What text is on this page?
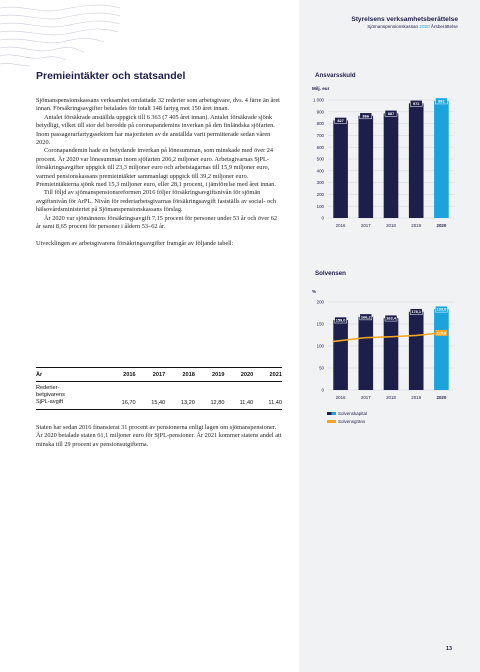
Styrelsens verksamhetsberättelse
Sjömanspensionskassan 2020 Årsberättelse
Premieintäkter och statsandel

Sjömanspensionskassans verksamhet omfattade 32 rederier som arbetsgivare, dvs. 4 färre än året innan. Försäkringsavgifter betalades för totalt 148 fartyg mot 150 året innan.

Antalet försäkrade anställda uppgick till 6 363 (7 405 året innan). Antalet försäkrade sjönk betydligt, vilket till stor del berodde på coronapandemins inverkan på den finländska sjöfarten. Inom passagerarfartygssektorn har majoriteten av de anställda varit permitterade sedan våren 2020.

Coronapandemin hade en betydande inverkan på lönesumman, som minskade med över 24 procent. År 2020 var lönesumman inom sjöfarten 206,2 miljoner euro. Arbetsgivarnas SjPL-försäkringsavgifter uppgick till 23,3 miljoner euro och arbetstagarnas till 15,9 miljoner euro, varmed pensionskassans premieintäkter sammanlagt uppgick till 39,2 miljoner euro. Premieintäkterna sjönk med 15,3 miljoner euro, eller 28,1 procent, i jämförelse med året innan.

Till följd av sjömanspensionsreformen 2016 följer försäkringsavgiftsnivån för sjömän avgiftsnivån för ArPL. Nivån för rederiarbetsgivarnas försäkringsavgift fastställs av social- och hälsovårdsministeriet på Sjömanspensionskassans förslag.

År 2020 var sjömännens försäkringsavgift 7,15 procent för personer under 53 år och över 62 år samt 8,65 procent för personer i åldern 53–62 år.

Utvecklingen av arbetsgivarens försäkringsavgifter framgår av följande tabell:

År	2016	2017	2018	2019	2020	2021

Rederier-
betgivarens
SjPL-avgift	16,70	15,40	13,20	12,80	11,40	11,40
Staten har sedan 2016 finansierat 31 procent av pensionerna enligt lagen om sjömanspensioner. År 2020 betalade staten 61,1 miljoner euro för SjPL-pensioner. År 2021 kommer statens andel att minska till 29 procent av pensionsutgifterna.
Ansvarsskuld
Milj. eur
0
100
200
300
400
500
600
700
800
900
1 000
827
2016
866
2017
887
2018
972
2019
992
2020
Solvensen
%
0
50
100
150
200
159,0
2016
166,2
2017
163,4
2018
178,1
2019
183,8
2020
129,8
Solvenskapital
Solvensgräns
13
